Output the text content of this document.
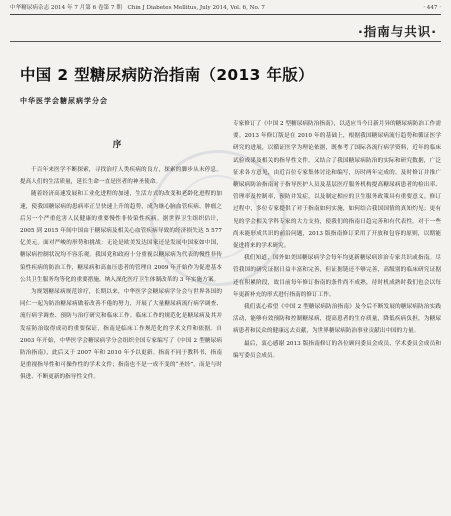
中华糖尿病杂志 2014 年 7 月第 6 卷第 7 期　Chin J Diabetes Mellitus, July 2014, Vol. 6, No. 7	· 447 ·
·指南与共识·
中国 2 型糖尿病防治指南（2013 年版）
中华医学会糖尿病学分会
序

千百年来医学不断探索，寻找治疗人类疾病的良方，探索的脚步从未停息。提高人们的生活质量，延长生命一直是医者的神圣使命。

随着经济高速发展和工业化进程的加速，生活方式的改变和老龄化进程的加速，使我国糖尿病的患病率正呈快速上升的趋势，成为继心脑血管疾病、肿瘤之后另一个严重危害人民健康的重要慢性非传染性疾病。据世界卫生组织估计，2005 到 2015 年间中国由于糖尿病及相关心血管疾病导致的经济损失达 5 577 亿美元。面对严峻的形势和挑战：无论是欧美发达国家还是发展中国家如中国，糖尿病控制状况均不容乐观。我国党和政府十分重视以糖尿病为代表的慢性非传染性疾病的防治工作，糖尿病和高血压患者的管理自 2009 年开始作为促进基本公共卫生服务均等化的重要措施，纳入深化医疗卫生体制改革的 3 年实施方案。

为规划糖尿病规范诊疗，长期以来，中华医学会糖尿病学分会与世界各国的同仁一起为防治糖尿病做着改善不倦的努力，开展了大量糖尿病流行病学调查、流行病学调查、预防与治疗研究和临床工作。临床工作的规范化是糖尿病及其并发症防治取得成功的重要保证，指南是临床工作规范化的学术文件和依据。自 2003 年开始，中华医学会糖尿病学分会组织全国专家编写了《中国 2 型糖尿病防治指南》，此后又于 2007 年和 2010 年予以更新。指南不同于教科书，指南是重视指导性和可操作性的学术文件；指南也不是一成不变的“圣经”，而是与时俱进、不断更新的指导性文件。

专家修订了《中国 2 型糖尿病防治指南》，以适应当今日新月异的糖尿病防治工作需要。2013 年修订版是在 2010 年的基础上，根据我国糖尿病流行趋势和循证医学研究的进展，以循证医学为理论依据，既参考了国际各流行病学资料，近年的临床试验成果及相关的指导性文件，又结合了我国糖尿病防治的实际和研究数据，广泛征求各方意见，由近百位专家集体讨论和编写，历时两年完成的。及时修订并推广糖尿病防治指南对于指导医护人员及基层医疗服务机构提高糖尿病患者的检出率、管理率及控制率，预防并发症，以及制定相应的卫生服务政策具有重要意义。修订过程中，多位专家提供了对于指南如何实施，如何结合我国国情的真知灼见；更有见的学会相关学科专家的大力支持，使我们的指南日趋完善和有代表性。对于一些尚未能形成共识的前沿问题，2013 版指南修订采用了开放和包容的原则，以期能促进将来的学术研究。

我们知道，国外如美国糖尿病学会每年均更新糖尿病诊治专家共识或指南。尽管我国的研究证据日益丰富和完善，但证据链还不够完善，高级别的临床研究证据还在积累阶段，故目前每年修订指南的条件尚不成熟，待时机成熟时我们也会以每年更新补充的形式进行指南的修订工作。

我们衷心希望《中国 2 型糖尿病防治指南》及今后不断发展的糖尿病防治实践活动，能够有效预防和控制糖尿病，提高患者的生存质量，降低疾病负担，为糖尿病患者和民众的健康远去贡献，为世界糖尿病防治事业贡献出中国的力量。

最后，衷心感谢 2013 版指南修订的各位顾问委员会成员、学术委员会成员和编写委员会成员。
